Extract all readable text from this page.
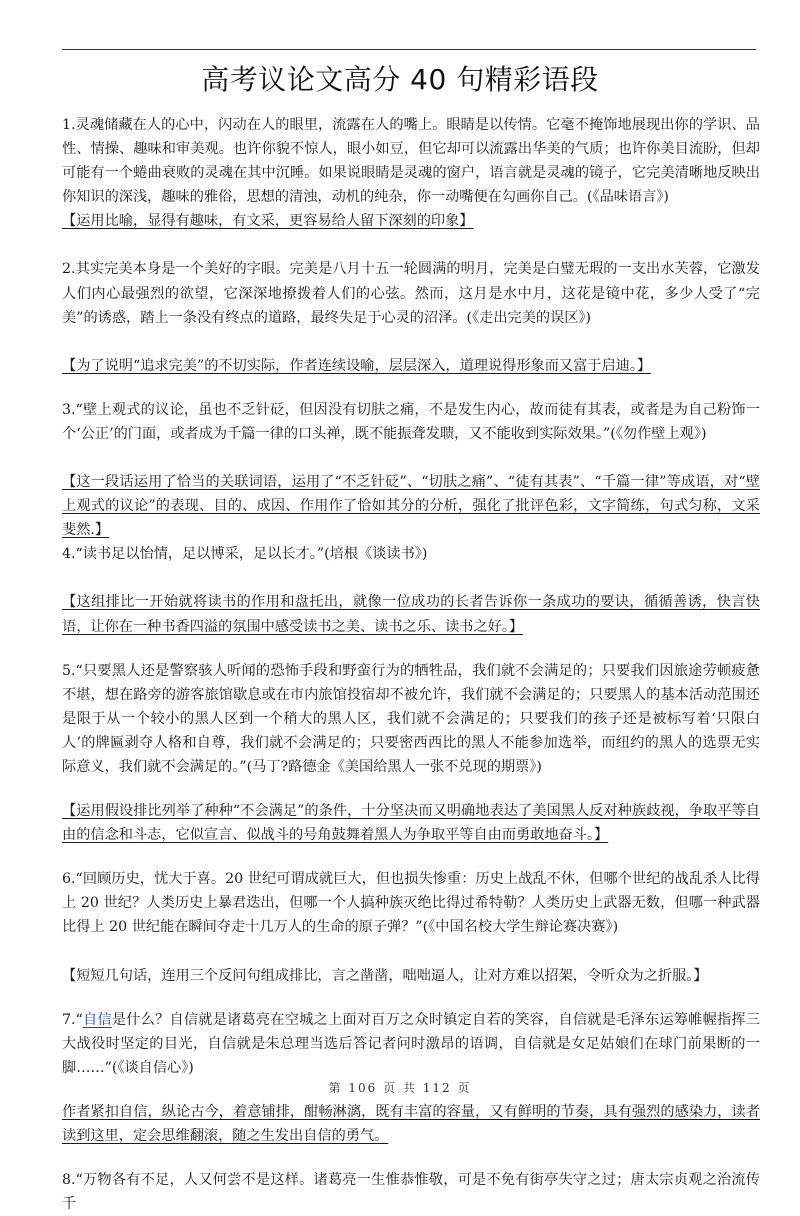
高考议论文高分 40 句精彩语段

1.灵魂储藏在人的心中，闪动在人的眼里，流露在人的嘴上。眼睛是以传情。它毫不掩饰地展现出你的学识、品性、情操、趣味和审美观。也许你貌不惊人，眼小如豆，但它却可以流露出华美的气质；也许你美目流盼，但却可能有一个蜷曲衰败的灵魂在其中沉睡。如果说眼睛是灵魂的窗户，语言就是灵魂的镜子，它完美清晰地反映出你知识的深浅，趣味的雅俗，思想的清浊，动机的纯杂，你一动嘴便在勾画你自己。(《品味语言》)

【运用比喻，显得有趣味，有文采，更容易给人留下深刻的印象】

2.其实完美本身是一个美好的字眼。完美是八月十五一轮圆满的明月，完美是白璧无瑕的一支出水芙蓉，它激发人们内心最强烈的欲望，它深深地撩拨着人们的心弦。然而，这月是水中月，这花是镜中花，多少人受了“完美”的诱惑，踏上一条没有终点的道路，最终失足于心灵的沼泽。(《走出完美的误区》)

【为了说明“追求完美”的不切实际，作者连续设喻，层层深入，道理说得形象而又富于启迪。】

3.“壁上观式的议论，虽也不乏针砭，但因没有切肤之痛，不是发生内心，故而徒有其表，或者是为自己粉饰一个‘公正’的门面，或者成为千篇一律的口头禅，既不能振聋发聩，又不能收到实际效果。”(《勿作壁上观》)

【这一段话运用了恰当的关联词语，运用了“不乏针砭”、“切肤之痛”、“徒有其表”、“千篇一律”等成语，对“壁上观式的议论”的表现、目的、成因、作用作了恰如其分的分析，强化了批评色彩，文字简练，句式匀称，文采斐然.】

4.“读书足以怡情，足以博采，足以长才。”(培根《谈读书》)

【这组排比一开始就将读书的作用和盘托出，就像一位成功的长者告诉你一条成功的要诀，循循善诱，快言快语，让你在一种书香四溢的氛围中感受读书之美、读书之乐、读书之好。】

5.“只要黑人还是警察骇人听闻的恐怖手段和野蛮行为的牺牲品，我们就不会满足的；只要我们因旅途劳顿疲惫不堪，想在路旁的游客旅馆歇息或在市内旅馆投宿却不被允许，我们就不会满足的；只要黑人的基本活动范围还是限于从一个较小的黑人区到一个稍大的黑人区，我们就不会满足的；只要我们的孩子还是被标写着‘只限白人’的牌匾剥夺人格和自尊，我们就不会满足的；只要密西西比的黑人不能参加选举，而纽约的黑人的选票无实际意义，我们就不会满足的。”(马丁?路德金《美国给黑人一张不兑现的期票》)

【运用假设排比列举了种种“不会满足”的条件，十分坚决而又明确地表达了美国黑人反对种族歧视，争取平等自由的信念和斗志，它似宣言、似战斗的号角鼓舞着黑人为争取平等自由而勇敢地奋斗。】

6.“回顾历史，忧大于喜。20 世纪可谓成就巨大，但也损失惨重：历史上战乱不休，但哪个世纪的战乱杀人比得上 20 世纪？人类历史上暴君迭出，但哪一个人搞种族灭绝比得过希特勒？人类历史上武器无数，但哪一种武器比得上 20 世纪能在瞬间夺走十几万人的生命的原子弹？”(《中国名校大学生辩论赛决赛》)

【短短几句话，连用三个反问句组成排比，言之凿凿，咄咄逼人，让对方难以招架，令听众为之折服。】

7.“自信是什么？自信就是诸葛亮在空城之上面对百万之众时镇定自若的笑容，自信就是毛泽东运筹帷幄指挥三大战役时坚定的目光，自信就是朱总理当选后答记者问时激昂的语调，自信就是女足姑娘们在球门前果断的一脚……”(《谈自信心》)

作者紧扣自信，纵论古今，着意铺排，酣畅淋漓，既有丰富的容量，又有鲜明的节奏，具有强烈的感染力，读者读到这里，定会思维翻滚，随之生发出自信的勇气。

8.“万物各有不足，人又何尝不是这样。诸葛亮一生惟恭惟敬，可是不免有街亭失守之过；唐太宗贞观之治流传千

第 106 页 共 112 页
